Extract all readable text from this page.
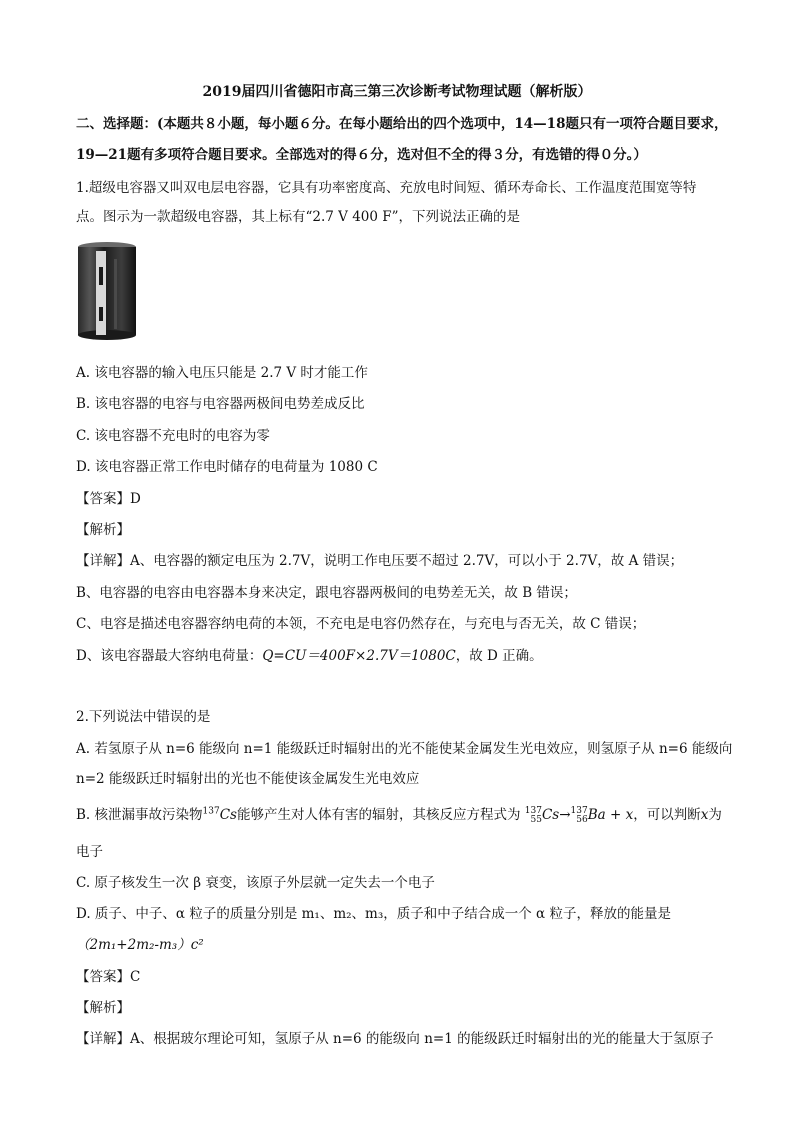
2019届四川省德阳市高三第三次诊断考试物理试题（解析版）
二、选择题：(本题共８小题，每小题６分。在每小题给出的四个选项中，14—18题只有一项符合题目要求，
19—21题有多项符合题目要求。全部选对的得６分，选对但不全的得３分，有选错的得０分。）
1.超级电容器又叫双电层电容器，它具有功率密度高、充放电时间短、循环寿命长、工作温度范围宽等特
点。图示为一款超级电容器，其上标有“2.7 V 400 F”，下列说法正确的是
A. 该电容器的输入电压只能是 2.7 V 时才能工作
B. 该电容器的电容与电容器两极间电势差成反比
C. 该电容器不充电时的电容为零
D. 该电容器正常工作电时储存的电荷量为 1080 C
【答案】D
【解析】
【详解】A、电容器的额定电压为 2.7V，说明工作电压要不超过 2.7V，可以小于 2.7V，故 A 错误；
B、电容器的电容由电容器本身来决定，跟电容器两极间的电势差无关，故 B 错误；
C、电容是描述电容器容纳电荷的本领，不充电是电容仍然存在，与充电与否无关，故 C 错误；
D、该电容器最大容纳电荷量：Q=CU＝400F×2.7V＝1080C，故 D 正确。
2.下列说法中错误的是
A. 若氢原子从 n=6 能级向 n=1 能级跃迁时辐射出的光不能使某金属发生光电效应，则氢原子从 n=6 能级向
n=2 能级跃迁时辐射出的光也不能使该金属发生光电效应
B. 核泄漏事故污染物$^{137}$Cs能够产生对人体有害的辐射，其核反应方程式为 137
55 Cs→ 137
56 Ba + x，可以判断x为
电子
C. 原子核发生一次 β 衰变，该原子外层就一定失去一个电子
D. 质子、中子、α 粒子的质量分别是 m₁、m₂、m₃，质子和中子结合成一个 α 粒子，释放的能量是
（2m₁+2m₂-m₃）c²
【答案】C
【解析】
【详解】A、根据玻尔理论可知，氢原子从 n=6 的能级向 n=1 的能级跃迁时辐射出的光的能量大于氢原子
